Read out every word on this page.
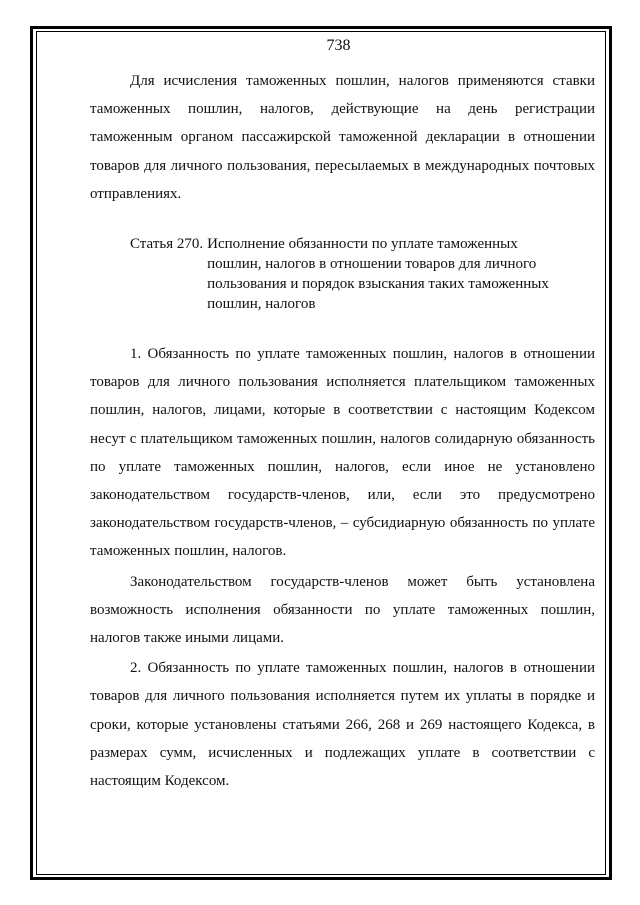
738

Для исчисления таможенных пошлин, налогов применяются ставки таможенных пошлин, налогов, действующие на день регистрации таможенным органом пассажирской таможенной декларации в отношении товаров для личного пользования, пересылаемых в международных почтовых отправлениях.

Статья 270. Исполнение обязанности по уплате таможенных пошлин, налогов в отношении товаров для личного пользования и порядок взыскания таких таможенных пошлин, налогов

1. Обязанность по уплате таможенных пошлин, налогов в отношении товаров для личного пользования исполняется плательщиком таможенных пошлин, налогов, лицами, которые в соответствии с настоящим Кодексом несут с плательщиком таможенных пошлин, налогов солидарную обязанность по уплате таможенных пошлин, налогов, если иное не установлено законодательством государств-членов, или, если это предусмотрено законодательством государств-членов, – субсидиарную обязанность по уплате таможенных пошлин, налогов.

Законодательством государств-членов может быть установлена возможность исполнения обязанности по уплате таможенных пошлин, налогов также иными лицами.

2. Обязанность по уплате таможенных пошлин, налогов в отношении товаров для личного пользования исполняется путем их уплаты в порядке и сроки, которые установлены статьями 266, 268 и 269 настоящего Кодекса, в размерах сумм, исчисленных и подлежащих уплате в соответствии с настоящим Кодексом.
